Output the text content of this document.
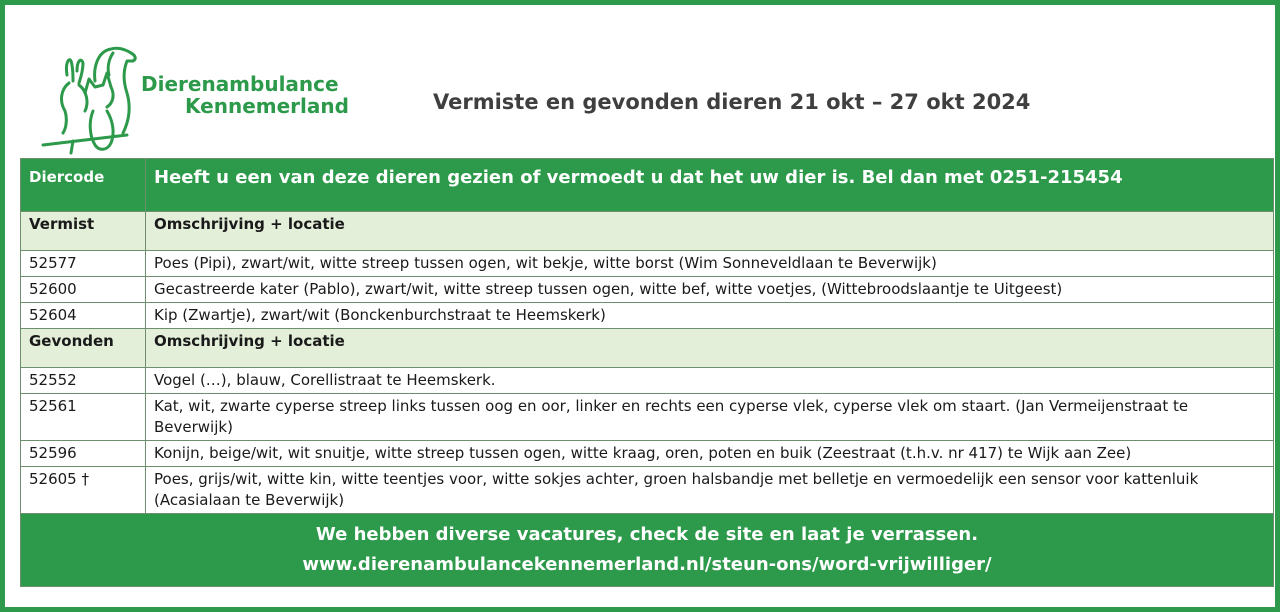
Dierenambulance
Kennemerland	Vermiste en gevonden dieren 21 okt – 27 okt 2024
Diercode	Heeft u een van deze dieren gezien of vermoedt u dat het uw dier is. Bel dan met 0251-215454
Vermist	Omschrijving + locatie
52577	Poes (Pipi), zwart/wit, witte streep tussen ogen, wit bekje, witte borst (Wim Sonneveldlaan te Beverwijk)
52600	Gecastreerde kater (Pablo), zwart/wit, witte streep tussen ogen, witte bef, witte voetjes, (Wittebroodslaantje te Uitgeest)
52604	Kip (Zwartje), zwart/wit (Bonckenburchstraat te Heemskerk)
Gevonden	Omschrijving + locatie
52552	Vogel (…), blauw, Corellistraat te Heemskerk.
52561	Kat, wit, zwarte cyperse streep links tussen oog en oor, linker en rechts een cyperse vlek, cyperse vlek om staart. (Jan Vermeijenstraat te Beverwijk)
52596	Konijn, beige/wit, wit snuitje, witte streep tussen ogen, witte kraag, oren, poten en buik (Zeestraat (t.h.v. nr 417) te Wijk aan Zee)
52605 †	Poes, grijs/wit, witte kin, witte teentjes voor, witte sokjes achter, groen halsbandje met belletje en vermoedelijk een sensor voor kattenluik (Acasialaan te Beverwijk)

We hebben diverse vacatures, check de site en laat je verrassen.
www.dierenambulancekennemerland.nl/steun-ons/word-vrijwilliger/	
